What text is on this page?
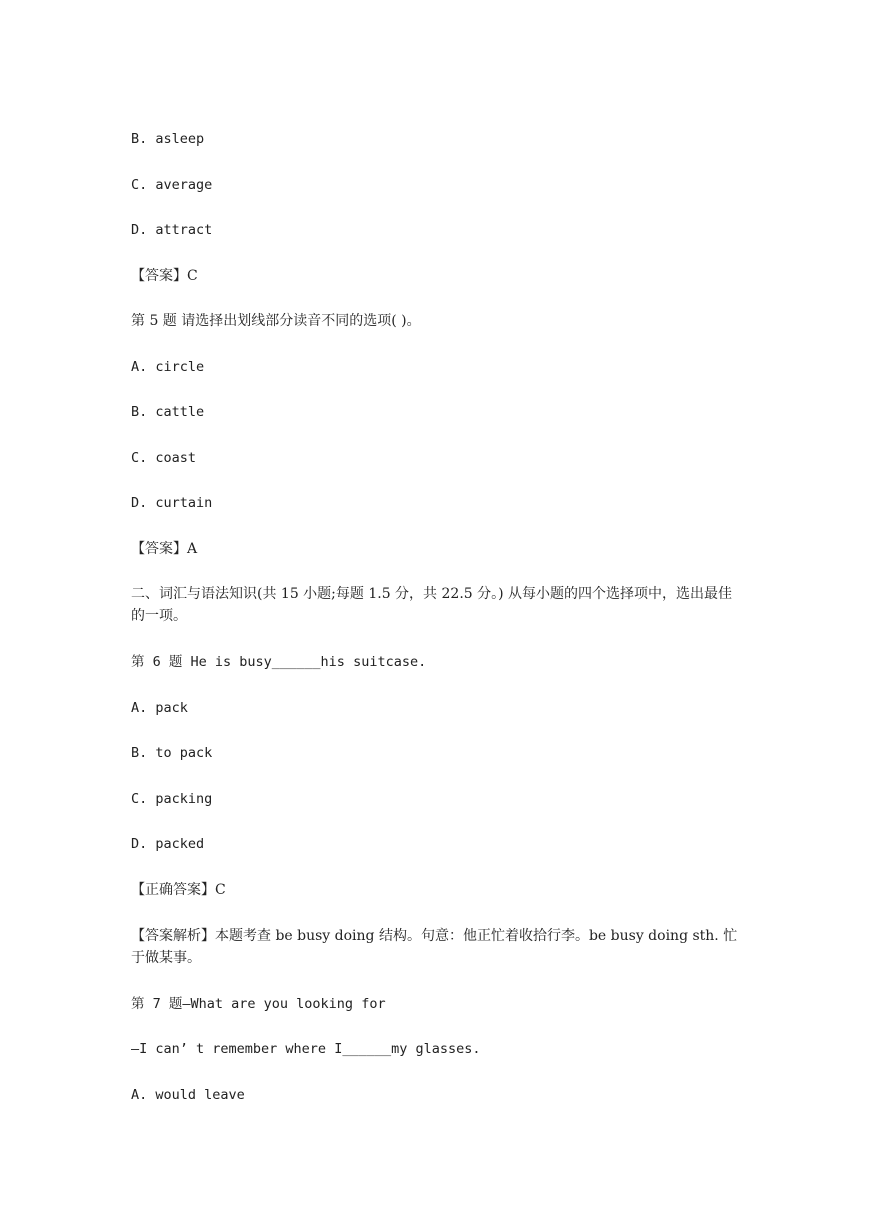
B. asleep
C. average
D. attract
【答案】C
第 5 题 请选择出划线部分读音不同的选项( )。
A. circle
B. cattle
C. coast
D. curtain
【答案】A
二、词汇与语法知识(共 15 小题;每题 1.5 分，共 22.5 分。) 从每小题的四个选择项中，选出最佳的一项。
第 6 题 He is busy______his suitcase.
A. pack
B. to pack
C. packing
D. packed
【正确答案】C
【答案解析】本题考查 be busy doing 结构。句意：他正忙着收拾行李。be busy doing sth. 忙于做某事。
第 7 题—What are you looking for
—I can’ t remember where I______my glasses.
A. would leave
